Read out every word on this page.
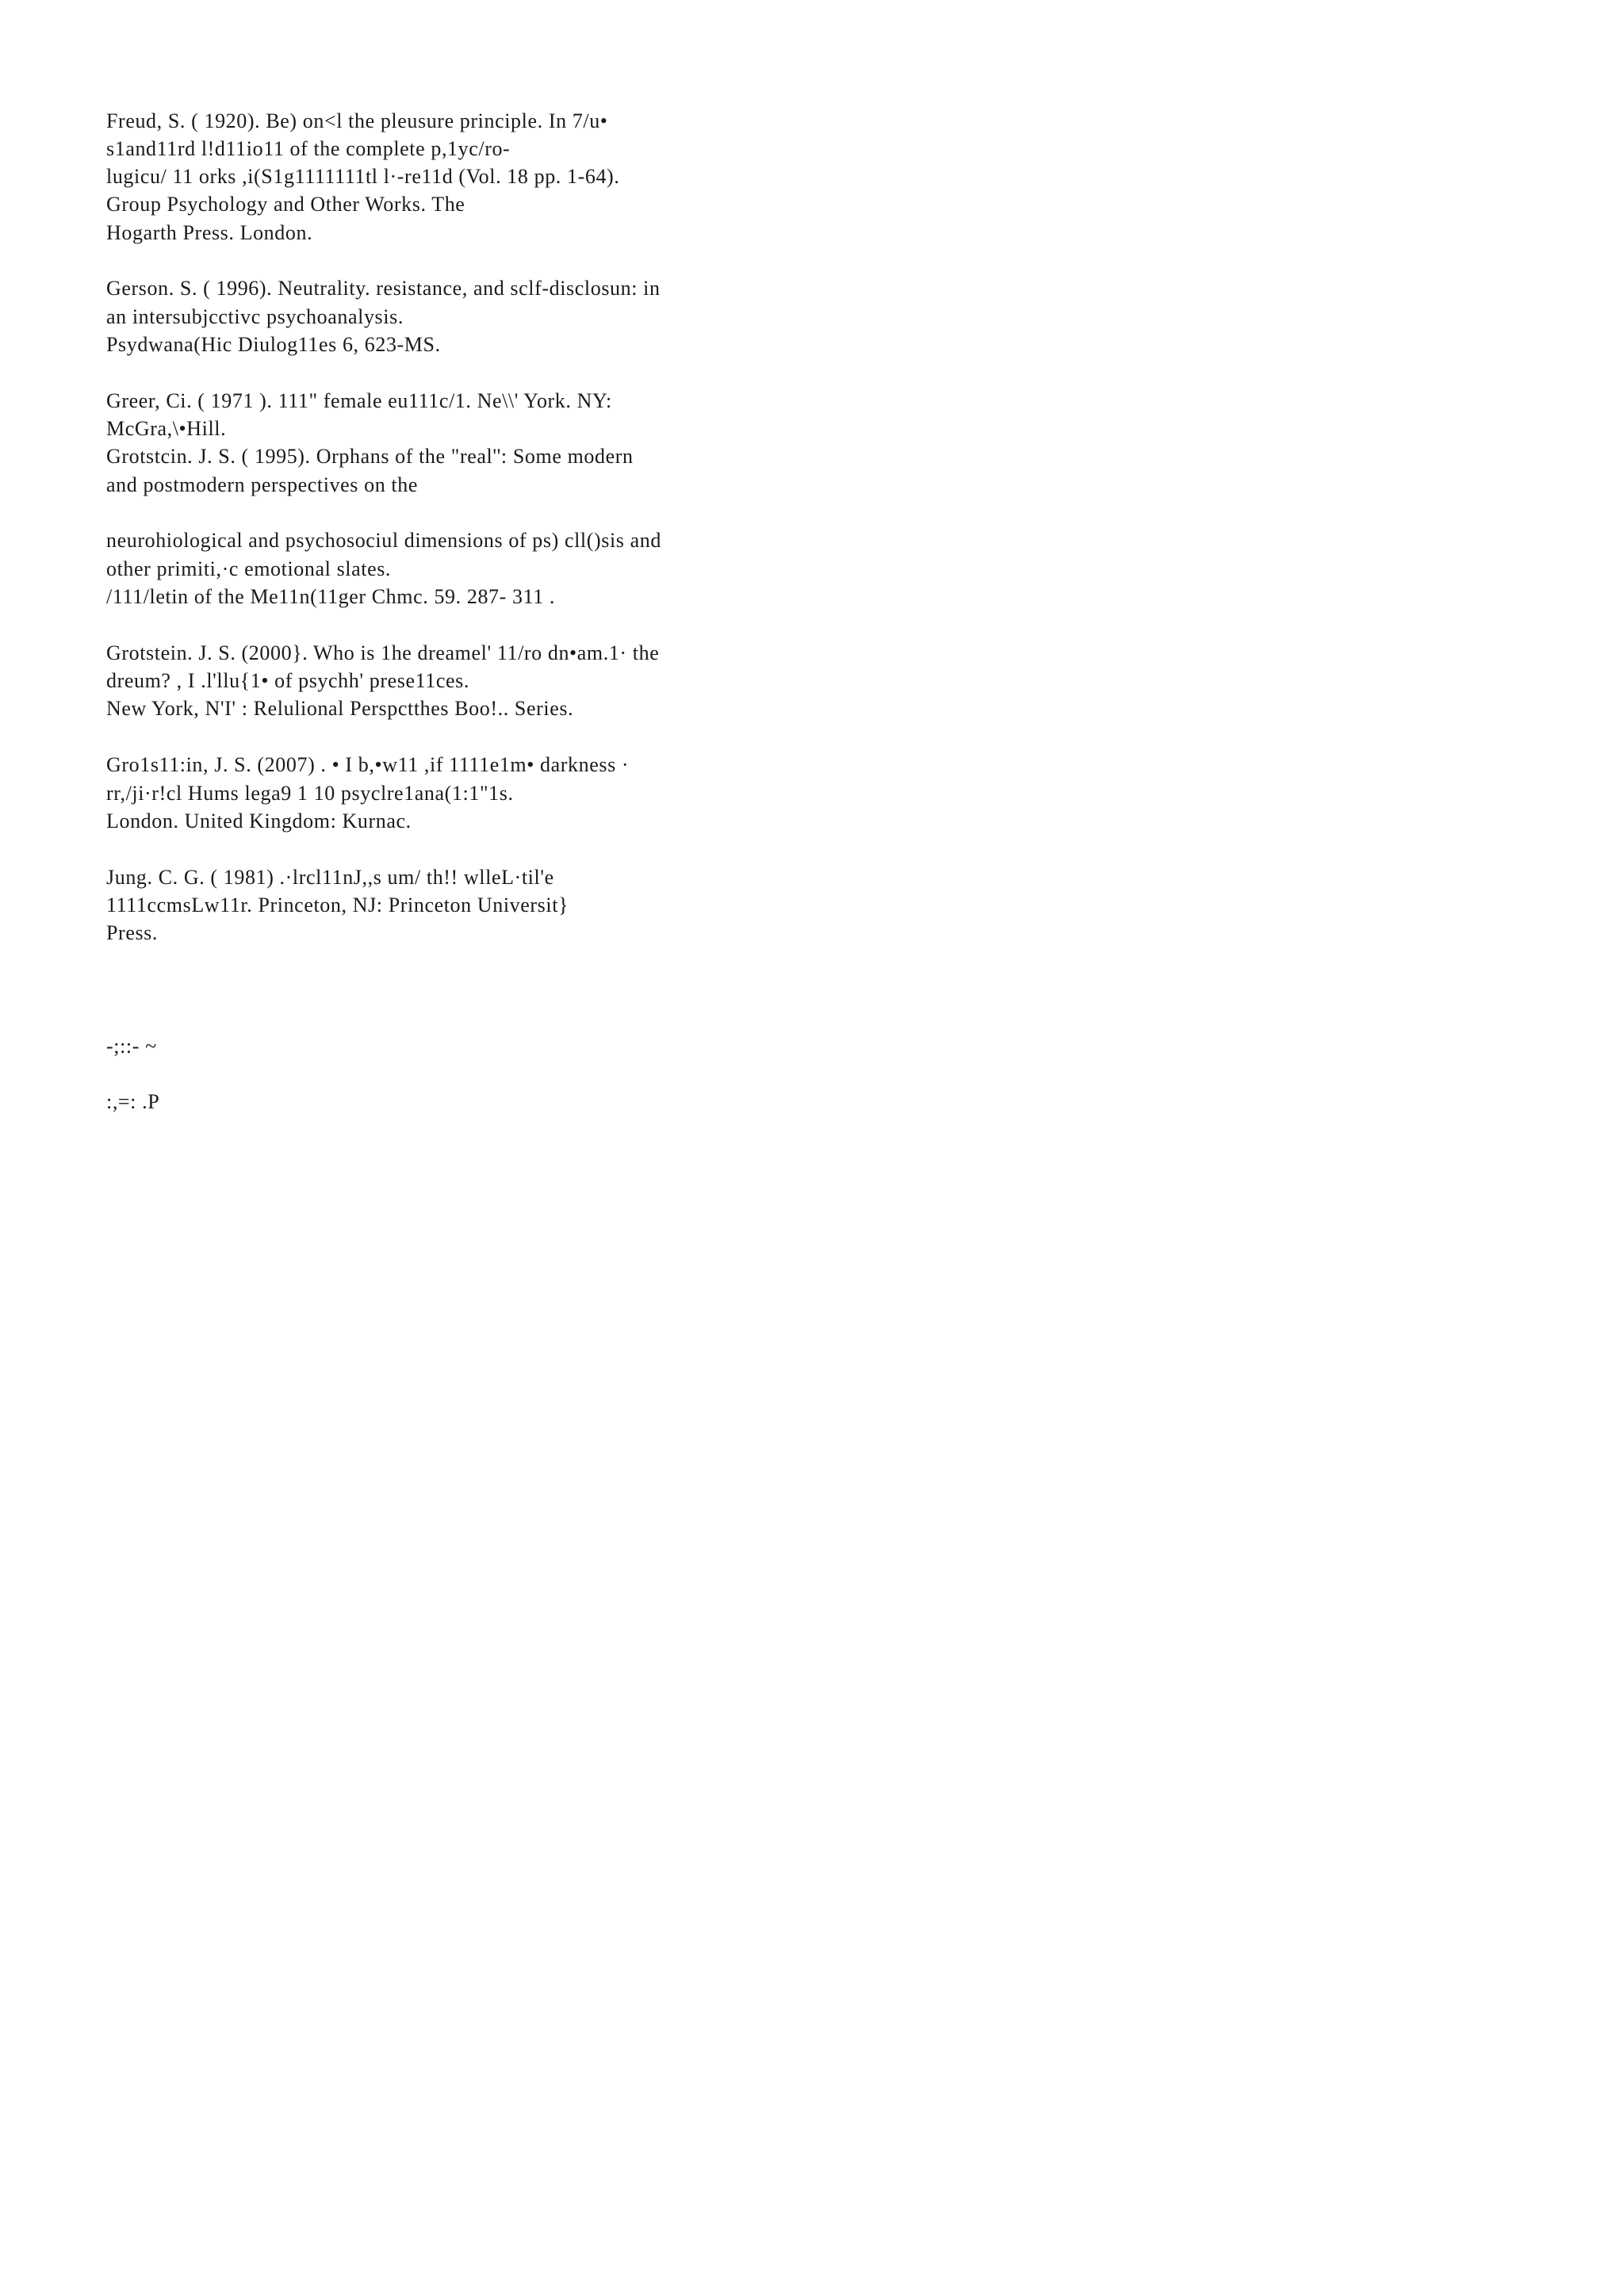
Freud, S. ( 1920). Be) on<l the pleusure principle. In 7/u•
s1and11rd l!d11io11 of the complete p,1yc/ro-
lugicu/ 11 orks ,i(S1g1111111tl l·-re11d (Vol. 18 pp. 1-64).
Group Psychology and Other Works. The
Hogarth Press. London.
Gerson. S. ( 1996). Neutrality. resistance, and sclf-disclosun: in
an intersubjcctivc psychoanalysis.
Psydwana(Hic Diulog11es 6, 623-MS.
Greer, Ci. ( 1971 ). 111" female eu111c/1. Ne\\' York. NY:
McGra,\•Hill.
Grotstcin. J. S. ( 1995). Orphans of the "real'': Some modern
and postmodern perspectives on the
neurohiological and psychosociul dimensions of ps) cll()sis and
other primiti,·c emotional slates.
/111/letin of the Me11n(11ger Chmc. 59. 287- 311 .
Grotstein. J. S. (2000}. Who is 1he dreamel' 11/ro dn•am.1· the
dreum? , I .l'llu{1• of psychh' prese11ces.
New York, N'I' : Relulional Perspctthes Boo!.. Series.
Gro1s11:in, J. S. (2007) . • I b,•w11 ,if 1111e1m• darkness ·
rr,/ji·r!cl Hums lega9 1 10 psyclre1ana(1:1"1s.
London. United Kingdom: Kurnac.
Jung. C. G. ( 1981) .·lrcl11nJ,,s um/ th!! wlleL·til'e
1111ccmsLw11r. Princeton, NJ: Princeton Universit}
Press.
-;::- ~
:,=: .P
